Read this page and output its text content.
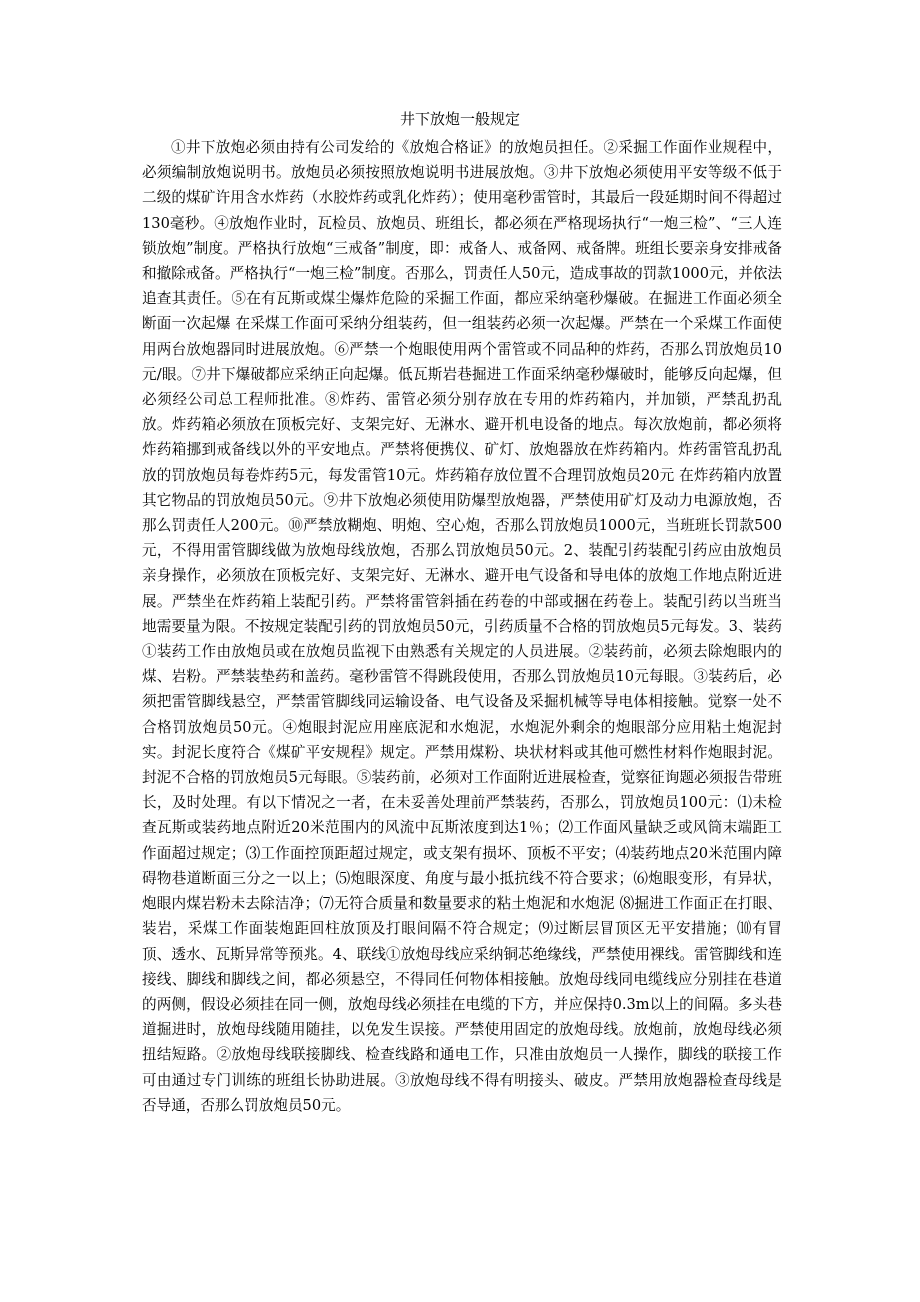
井下放炮一般规定

①井下放炮必须由持有公司发给的《放炮合格证》的放炮员担任。②采掘工作面作业规程中，必须编制放炮说明书。放炮员必须按照放炮说明书进展放炮。③井下放炮必须使用平安等级不低于二级的煤矿许用含水炸药（水胶炸药或乳化炸药）；使用毫秒雷管时，其最后一段延期时间不得超过130毫秒。④放炮作业时，瓦检员、放炮员、班组长，都必须在严格现场执行“一炮三检”、“三人连锁放炮”制度。严格执行放炮“三戒备”制度，即：戒备人、戒备网、戒备牌。班组长要亲身安排戒备和撤除戒备。严格执行“一炮三检”制度。否那么，罚责任人50元，造成事故的罚款1000元，并依法追查其责任。⑤在有瓦斯或煤尘爆炸危险的采掘工作面，都应采纳毫秒爆破。在掘进工作面必须全断面一次起爆 在采煤工作面可采纳分组装药，但一组装药必须一次起爆。严禁在一个采煤工作面使用两台放炮器同时进展放炮。⑥严禁一个炮眼使用两个雷管或不同品种的炸药，否那么罚放炮员10元/眼。⑦井下爆破都应采纳正向起爆。低瓦斯岩巷掘进工作面采纳毫秒爆破时，能够反向起爆，但必须经公司总工程师批准。⑧炸药、雷管必须分别存放在专用的炸药箱内，并加锁，严禁乱扔乱放。炸药箱必须放在顶板完好、支架完好、无淋水、避开机电设备的地点。每次放炮前，都必须将炸药箱挪到戒备线以外的平安地点。严禁将便携仪、矿灯、放炮器放在炸药箱内。炸药雷管乱扔乱放的罚放炮员每卷炸药5元，每发雷管10元。炸药箱存放位置不合理罚放炮员20元 在炸药箱内放置其它物品的罚放炮员50元。⑨井下放炮必须使用防爆型放炮器，严禁使用矿灯及动力电源放炮，否那么罚责任人200元。⑩严禁放糊炮、明炮、空心炮，否那么罚放炮员1000元，当班班长罚款500元，不得用雷管脚线做为放炮母线放炮，否那么罚放炮员50元。2、装配引药装配引药应由放炮员亲身操作，必须放在顶板完好、支架完好、无淋水、避开电气设备和导电体的放炮工作地点附近进展。严禁坐在炸药箱上装配引药。严禁将雷管斜插在药卷的中部或捆在药卷上。装配引药以当班当地需要量为限。不按规定装配引药的罚放炮员50元，引药质量不合格的罚放炮员5元每发。3、装药①装药工作由放炮员或在放炮员监视下由熟悉有关规定的人员进展。②装药前，必须去除炮眼内的煤、岩粉。严禁装垫药和盖药。毫秒雷管不得跳段使用，否那么罚放炮员10元每眼。③装药后，必须把雷管脚线悬空，严禁雷管脚线同运输设备、电气设备及采掘机械等导电体相接触。觉察一处不合格罚放炮员50元。④炮眼封泥应用座底泥和水炮泥，水炮泥外剩余的炮眼部分应用粘土炮泥封实。封泥长度符合《煤矿平安规程》规定。严禁用煤粉、块状材料或其他可燃性材料作炮眼封泥。封泥不合格的罚放炮员5元每眼。⑤装药前，必须对工作面附近进展检查，觉察征询题必须报告带班长，及时处理。有以下情况之一者，在未妥善处理前严禁装药，否那么，罚放炮员100元：⑴未检查瓦斯或装药地点附近20米范围内的风流中瓦斯浓度到达1％；⑵工作面风量缺乏或风筒末端距工作面超过规定；⑶工作面控顶距超过规定，或支架有损坏、顶板不平安；⑷装药地点20米范围内障碍物巷道断面三分之一以上；⑸炮眼深度、角度与最小抵抗线不符合要求；⑹炮眼变形，有异状，炮眼内煤岩粉未去除洁净；⑺无符合质量和数量要求的粘土炮泥和水炮泥 ⑻掘进工作面正在打眼、装岩，采煤工作面装炮距回柱放顶及打眼间隔不符合规定；⑼过断层冒顶区无平安措施；⑽有冒顶、透水、瓦斯异常等预兆。4、联线①放炮母线应采纳铜芯绝缘线，严禁使用裸线。雷管脚线和连接线、脚线和脚线之间，都必须悬空，不得同任何物体相接触。放炮母线同电缆线应分别挂在巷道的两侧，假设必须挂在同一侧，放炮母线必须挂在电缆的下方，并应保持0.3m以上的间隔。多头巷道掘进时，放炮母线随用随挂，以免发生误接。严禁使用固定的放炮母线。放炮前，放炮母线必须扭结短路。②放炮母线联接脚线、检查线路和通电工作，只准由放炮员一人操作，脚线的联接工作可由通过专门训练的班组长协助进展。③放炮母线不得有明接头、破皮。严禁用放炮器检查母线是否导通，否那么罚放炮员50元。
